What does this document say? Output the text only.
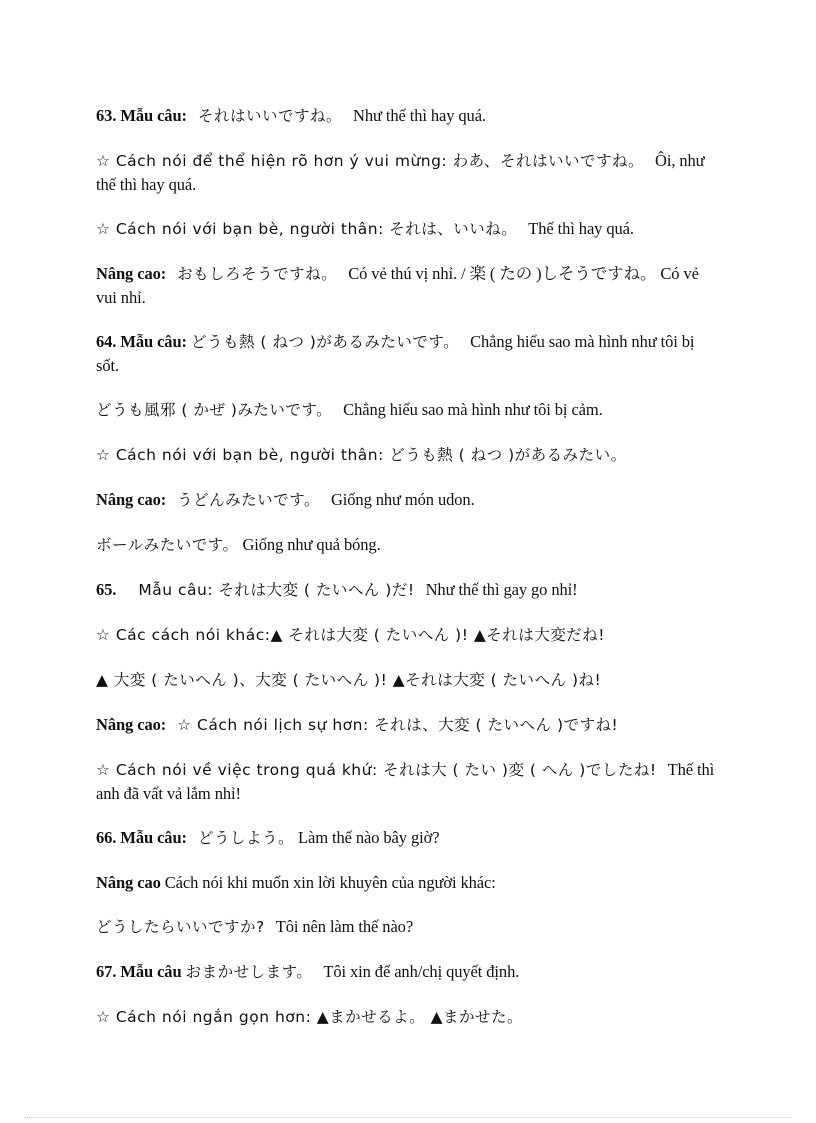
63. Mẫu câu: それはいいですね。 Như thế thì hay quá.

☆ Cách nói để thể hiện rõ hơn ý vui mừng: わあ、それはいいですね。 Ôi, như thế thì hay quá.

☆ Cách nói với bạn bè, người thân: それは、いいね。 Thế thì hay quá.

Nâng cao: おもしろそうですね。 Có vẻ thú vị nhỉ. / 楽 ( たの )しそうですね。 Có vẻ vui nhỉ.

64. Mẫu câu: どうも熱 ( ねつ )があるみたいです。 Chẳng hiểu sao mà hình như tôi bị sốt.

どうも風邪 ( かぜ )みたいです。 Chẳng hiểu sao mà hình như tôi bị cảm.

☆ Cách nói với bạn bè, người thân: どうも熱 ( ねつ )があるみたい。

Nâng cao: うどんみたいです。 Giống như món udon.

ボールみたいです。 Giống như quả bóng.

65. Mẫu câu: それは大変 ( たいへん )だ! Như thế thì gay go nhỉ!

☆ Các cách nói khác:▲ それは大変 ( たいへん )! ▲それは大変だね!

▲ 大変 ( たいへん )、大変 ( たいへん )! ▲それは大変 ( たいへん )ね!

Nâng cao: ☆ Cách nói lịch sự hơn: それは、大変 ( たいへん )ですね!

☆ Cách nói về việc trong quá khứ: それは大 ( たい )変 ( へん )でしたね! Thế thì anh đã vất vả lắm nhỉ!

66. Mẫu câu: どうしよう。 Làm thế nào bây giờ?

Nâng cao Cách nói khi muốn xin lời khuyên của người khác:

どうしたらいいですか? Tôi nên làm thế nào?

67. Mẫu câu おまかせします。 Tôi xin để anh/chị quyết định.

☆ Cách nói ngắn gọn hơn: ▲まかせるよ。 ▲まかせた。
